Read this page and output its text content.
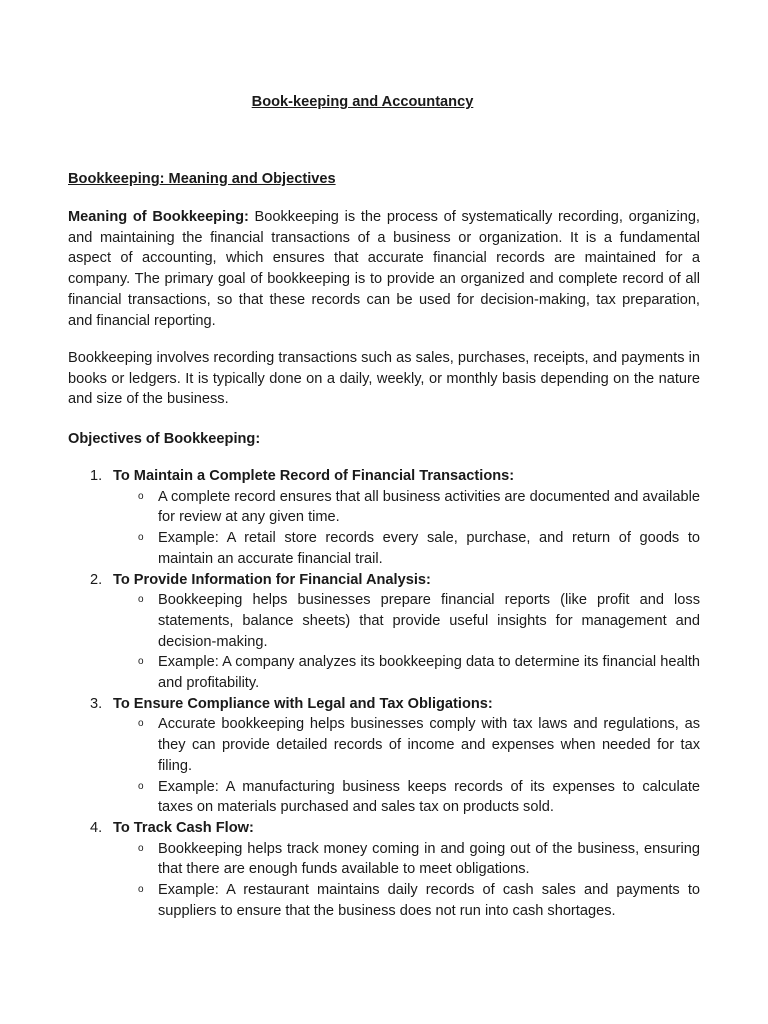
Book-keeping and Accountancy
Bookkeeping: Meaning and Objectives

Meaning of Bookkeeping: Bookkeeping is the process of systematically recording, organizing, and maintaining the financial transactions of a business or organization. It is a fundamental aspect of accounting, which ensures that accurate financial records are maintained for a company. The primary goal of bookkeeping is to provide an organized and complete record of all financial transactions, so that these records can be used for decision-making, tax preparation, and financial reporting.

Bookkeeping involves recording transactions such as sales, purchases, receipts, and payments in books or ledgers. It is typically done on a daily, weekly, or monthly basis depending on the nature and size of the business.

Objectives of Bookkeeping:
1. To Maintain a Complete Record of Financial Transactions:
o A complete record ensures that all business activities are documented and available for review at any given time.
o Example: A retail store records every sale, purchase, and return of goods to maintain an accurate financial trail.
2. To Provide Information for Financial Analysis:
o Bookkeeping helps businesses prepare financial reports (like profit and loss statements, balance sheets) that provide useful insights for management and decision-making.
o Example: A company analyzes its bookkeeping data to determine its financial health and profitability.
3. To Ensure Compliance with Legal and Tax Obligations:
o Accurate bookkeeping helps businesses comply with tax laws and regulations, as they can provide detailed records of income and expenses when needed for tax filing.
o Example: A manufacturing business keeps records of its expenses to calculate taxes on materials purchased and sales tax on products sold.
4. To Track Cash Flow:
o Bookkeeping helps track money coming in and going out of the business, ensuring that there are enough funds available to meet obligations.
o Example: A restaurant maintains daily records of cash sales and payments to suppliers to ensure that the business does not run into cash shortages.
